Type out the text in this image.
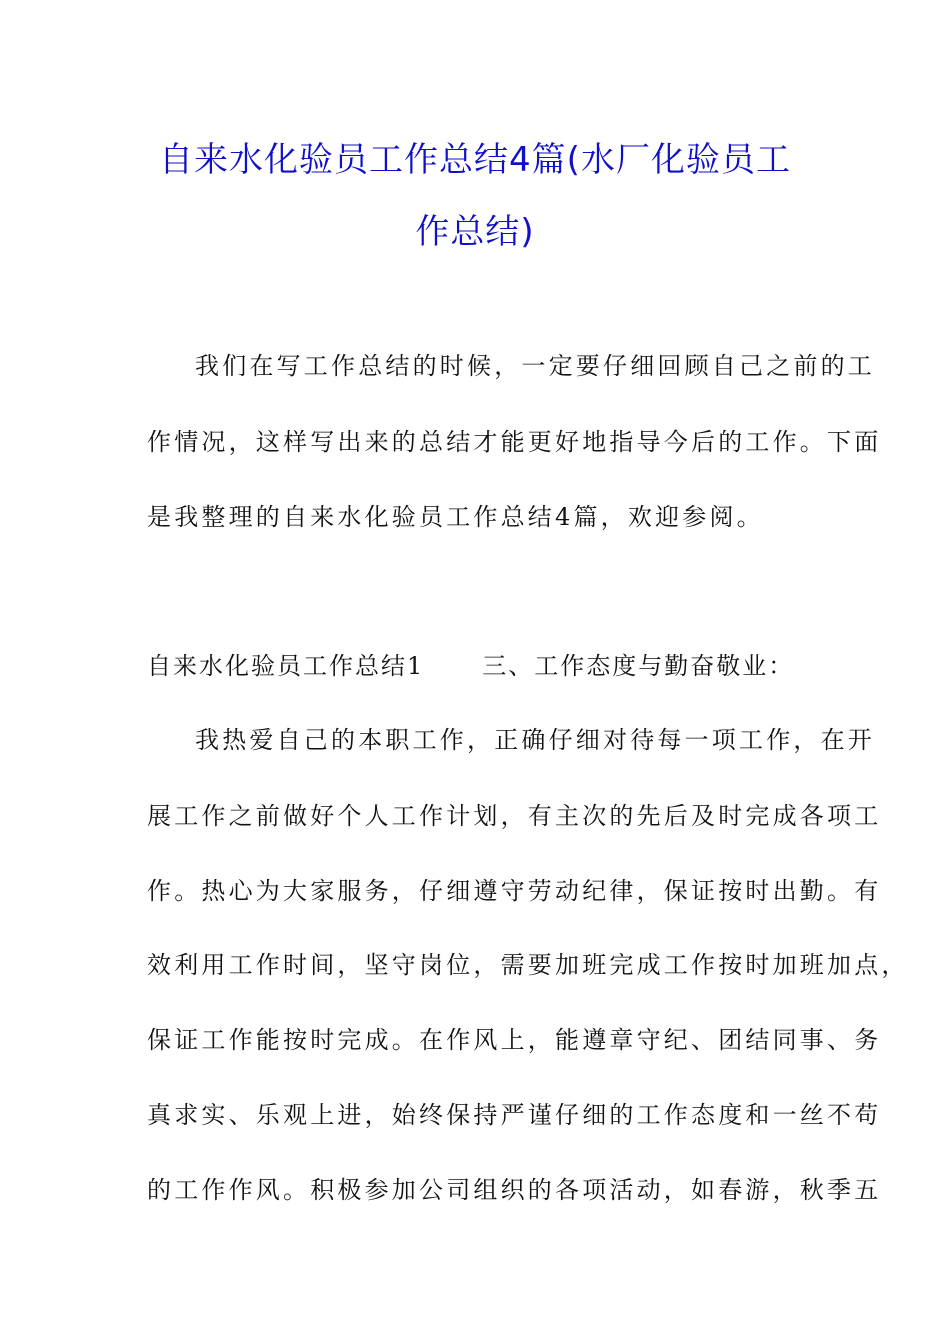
自来水化验员工作总结4篇(水厂化验员工
作总结)
我们在写工作总结的时候，一定要仔细回顾自己之前的工
作情况，这样写出来的总结才能更好地指导今后的工作。下面
是我整理的自来水化验员工作总结4篇，欢迎参阅。
自来水化验员工作总结1 三、工作态度与勤奋敬业：
我热爱自己的本职工作，正确仔细对待每一项工作，在开
展工作之前做好个人工作计划，有主次的先后及时完成各项工
作。热心为大家服务，仔细遵守劳动纪律，保证按时出勤。有
效利用工作时间，坚守岗位，需要加班完成工作按时加班加点，
保证工作能按时完成。在作风上，能遵章守纪、团结同事、务
真求实、乐观上进，始终保持严谨仔细的工作态度和一丝不苟
的工作作风。积极参加公司组织的各项活动，如春游，秋季五
